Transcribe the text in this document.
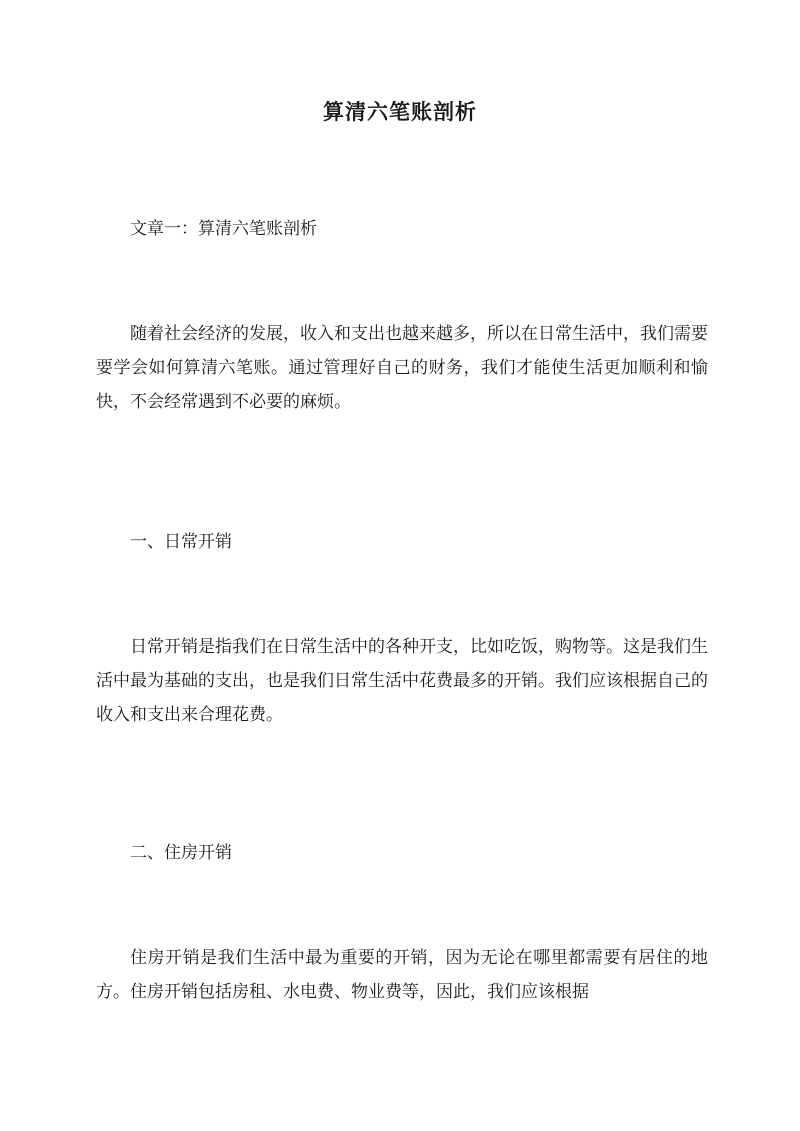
算清六笔账剖析

文章一：算清六笔账剖析

随着社会经济的发展，收入和支出也越来越多，所以在日常生活中，我们需要要学会如何算清六笔账。通过管理好自己的财务，我们才能使生活更加顺利和愉快，不会经常遇到不必要的麻烦。

一、日常开销

日常开销是指我们在日常生活中的各种开支，比如吃饭，购物等。这是我们生活中最为基础的支出，也是我们日常生活中花费最多的开销。我们应该根据自己的收入和支出来合理花费。

二、住房开销

住房开销是我们生活中最为重要的开销，因为无论在哪里都需要有居住的地方。住房开销包括房租、水电费、物业费等，因此，我们应该根据
